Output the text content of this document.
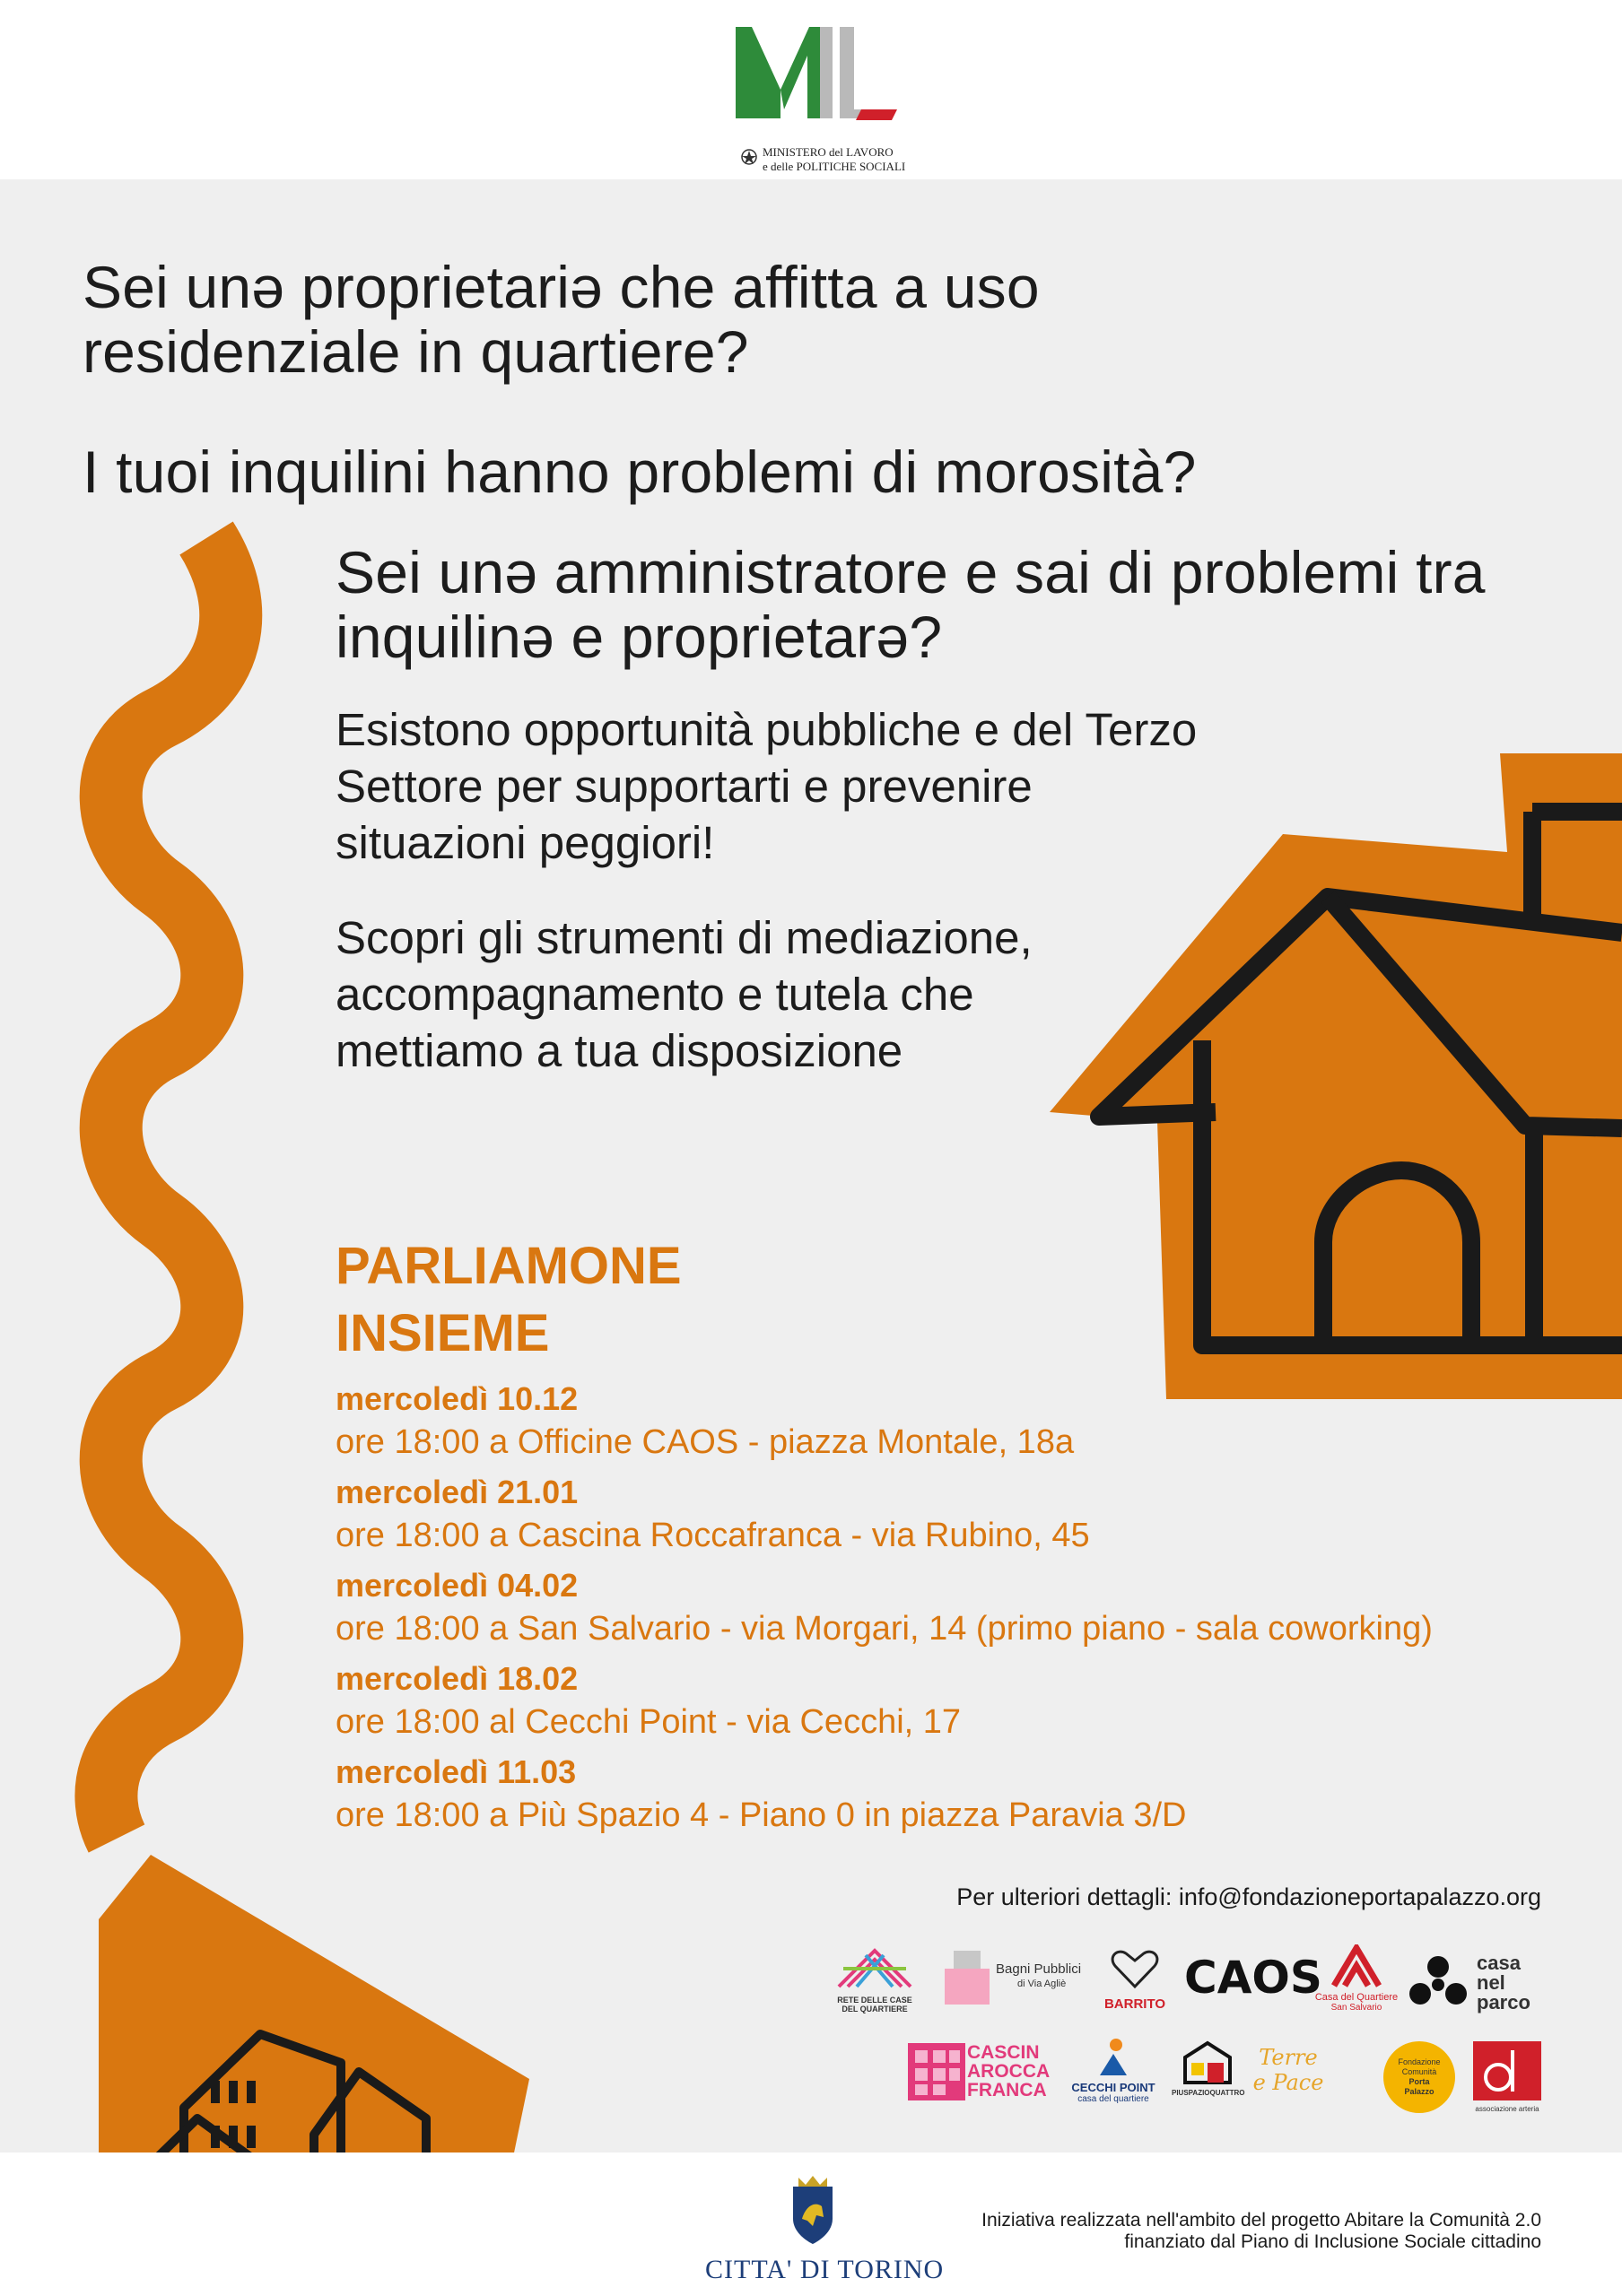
MINISTERO del LAVORO
e delle POLITICHE SOCIALI
Sei unə proprietariə che affitta a uso residenziale in quartiere?
I tuoi inquilini hanno problemi di morosità?
Sei unə amministratore e sai di problemi tra inquilinə e proprietarə?
Esistono opportunità pubbliche e del Terzo Settore per supportarti e prevenire situazioni peggiori!
Scopri gli strumenti di mediazione, accompagnamento e tutela che mettiamo a tua disposizione
PARLIAMONE
INSIEME
mercoledì 10.12
ore 18:00 a Officine CAOS - piazza Montale, 18a
mercoledì 21.01
ore 18:00 a Cascina Roccafranca - via Rubino, 45
mercoledì 04.02
ore 18:00 a San Salvario - via Morgari, 14 (primo piano - sala coworking)
mercoledì 18.02
ore 18:00 al Cecchi Point - via Cecchi, 17
mercoledì 11.03
ore 18:00 a Più Spazio 4 - Piano 0 in piazza Paravia 3/D
Per ulteriori dettagli: info@fondazioneportapalazzo.org
RETE DELLE CASE DEL QUARTIERE
Bagni Pubblici
di Via Agliè
BARRITO
CAOS
Casa del Quartiere
San Salvario
casa
nel
parco
CASCIN
AROCCA
FRANCA	CECCHI POINT
casa del quartiere
PIUSPAZIOQUATTRO
Terre
e Pace
Fondazione
Comunità
Porta
Palazzo
associazione arteria
CITTA' DI TORINO
Iniziativa realizzata nell'ambito del progetto Abitare la Comunità 2.0
finanziato dal Piano di Inclusione Sociale cittadino
